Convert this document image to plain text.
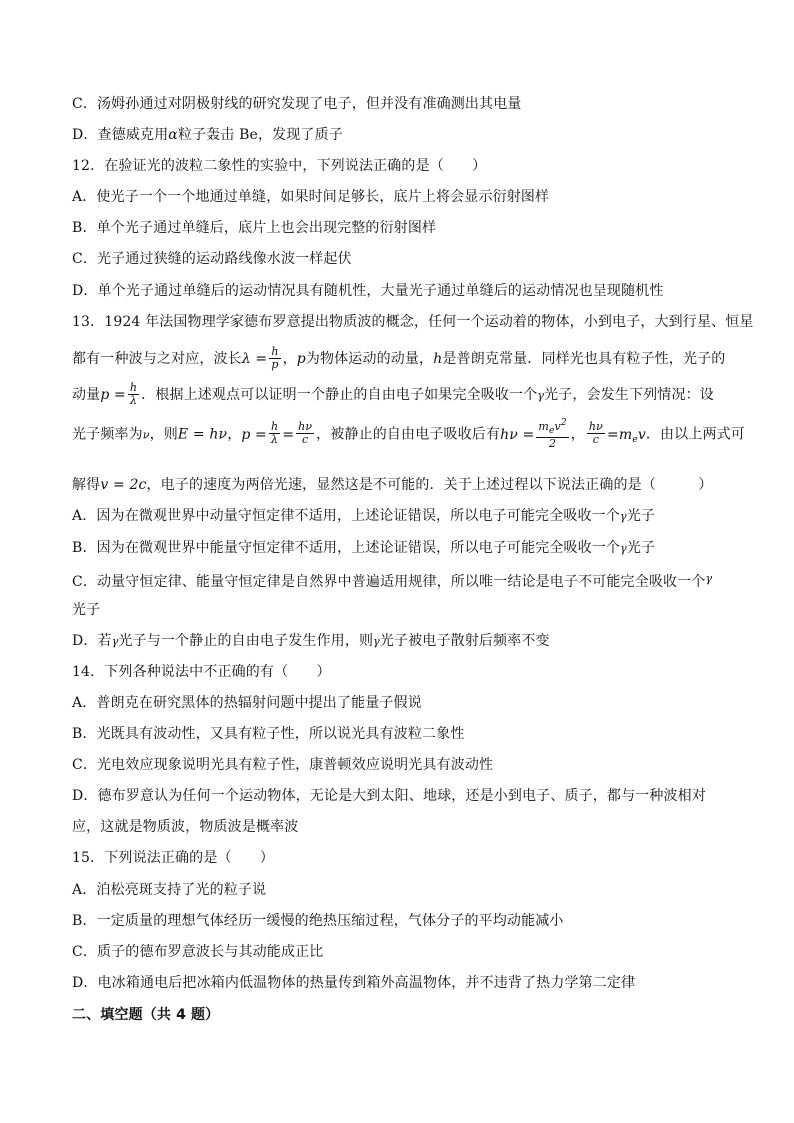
C．汤姆孙通过对阴极射线的研究发现了电子，但并没有准确测出其电量
D．查德威克用α粒子轰击 Be，发现了质子
12．在验证光的波粒二象性的实验中，下列说法正确的是（　　）
A．使光子一个一个地通过单缝，如果时间足够长，底片上将会显示衍射图样
B．单个光子通过单缝后，底片上也会出现完整的衍射图样
C．光子通过狭缝的运动路线像水波一样起伏
D．单个光子通过单缝后的运动情况具有随机性，大量光子通过单缝后的运动情况也呈现随机性
13．1924 年法国物理学家德布罗意提出物质波的概念，任何一个运动着的物体，小到电子，大到行星、恒星
都有一种波与之对应，波长$\lambda = \frac{h}{p}$ ，p为物体运动的动量，h是普朗克常量．同样光也具有粒子性，光子的
动量$p = \frac{h}{\lambda}$ ．根据上述观点可以证明一个静止的自由电子如果完全吸收一个γ光子，会发生下列情况：设
光子频率为ν，则E = hν，$p = \frac{h}{\lambda} = \frac{h\nu}{c}$ ，被静止的自由电子吸收后有$h\nu = \frac{m_ev^2}{2}$ ， $\frac{h\nu}{c} =m_ev$．由以上两式可
解得v = 2c，电子的速度为两倍光速，显然这是不可能的．关于上述过程以下说法正确的是（　　　）
A．因为在微观世界中动量守恒定律不适用，上述论证错误，所以电子可能完全吸收一个γ光子
B．因为在微观世界中能量守恒定律不适用，上述论证错误，所以电子可能完全吸收一个γ光子
C．动量守恒定律、能量守恒定律是自然界中普遍适用规律，所以唯一结论是电子不可能完全吸收一个$^\gamma$
光子
D．若γ光子与一个静止的自由电子发生作用，则γ光子被电子散射后频率不变
14．下列各种说法中不正确的有（　　）
A．普朗克在研究黑体的热辐射问题中提出了能量子假说
B．光既具有波动性，又具有粒子性，所以说光具有波粒二象性
C．光电效应现象说明光具有粒子性，康普顿效应说明光具有波动性
D．德布罗意认为任何一个运动物体，无论是大到太阳、地球，还是小到电子、质子，都与一种波相对
应，这就是物质波，物质波是概率波
15．下列说法正确的是（　　）
A．泊松亮斑支持了光的粒子说
B．一定质量的理想气体经历一缓慢的绝热压缩过程，气体分子的平均动能减小
C．质子的德布罗意波长与其动能成正比
D．电冰箱通电后把冰箱内低温物体的热量传到箱外高温物体，并不违背了热力学第二定律
二、填空题（共 4 题）
